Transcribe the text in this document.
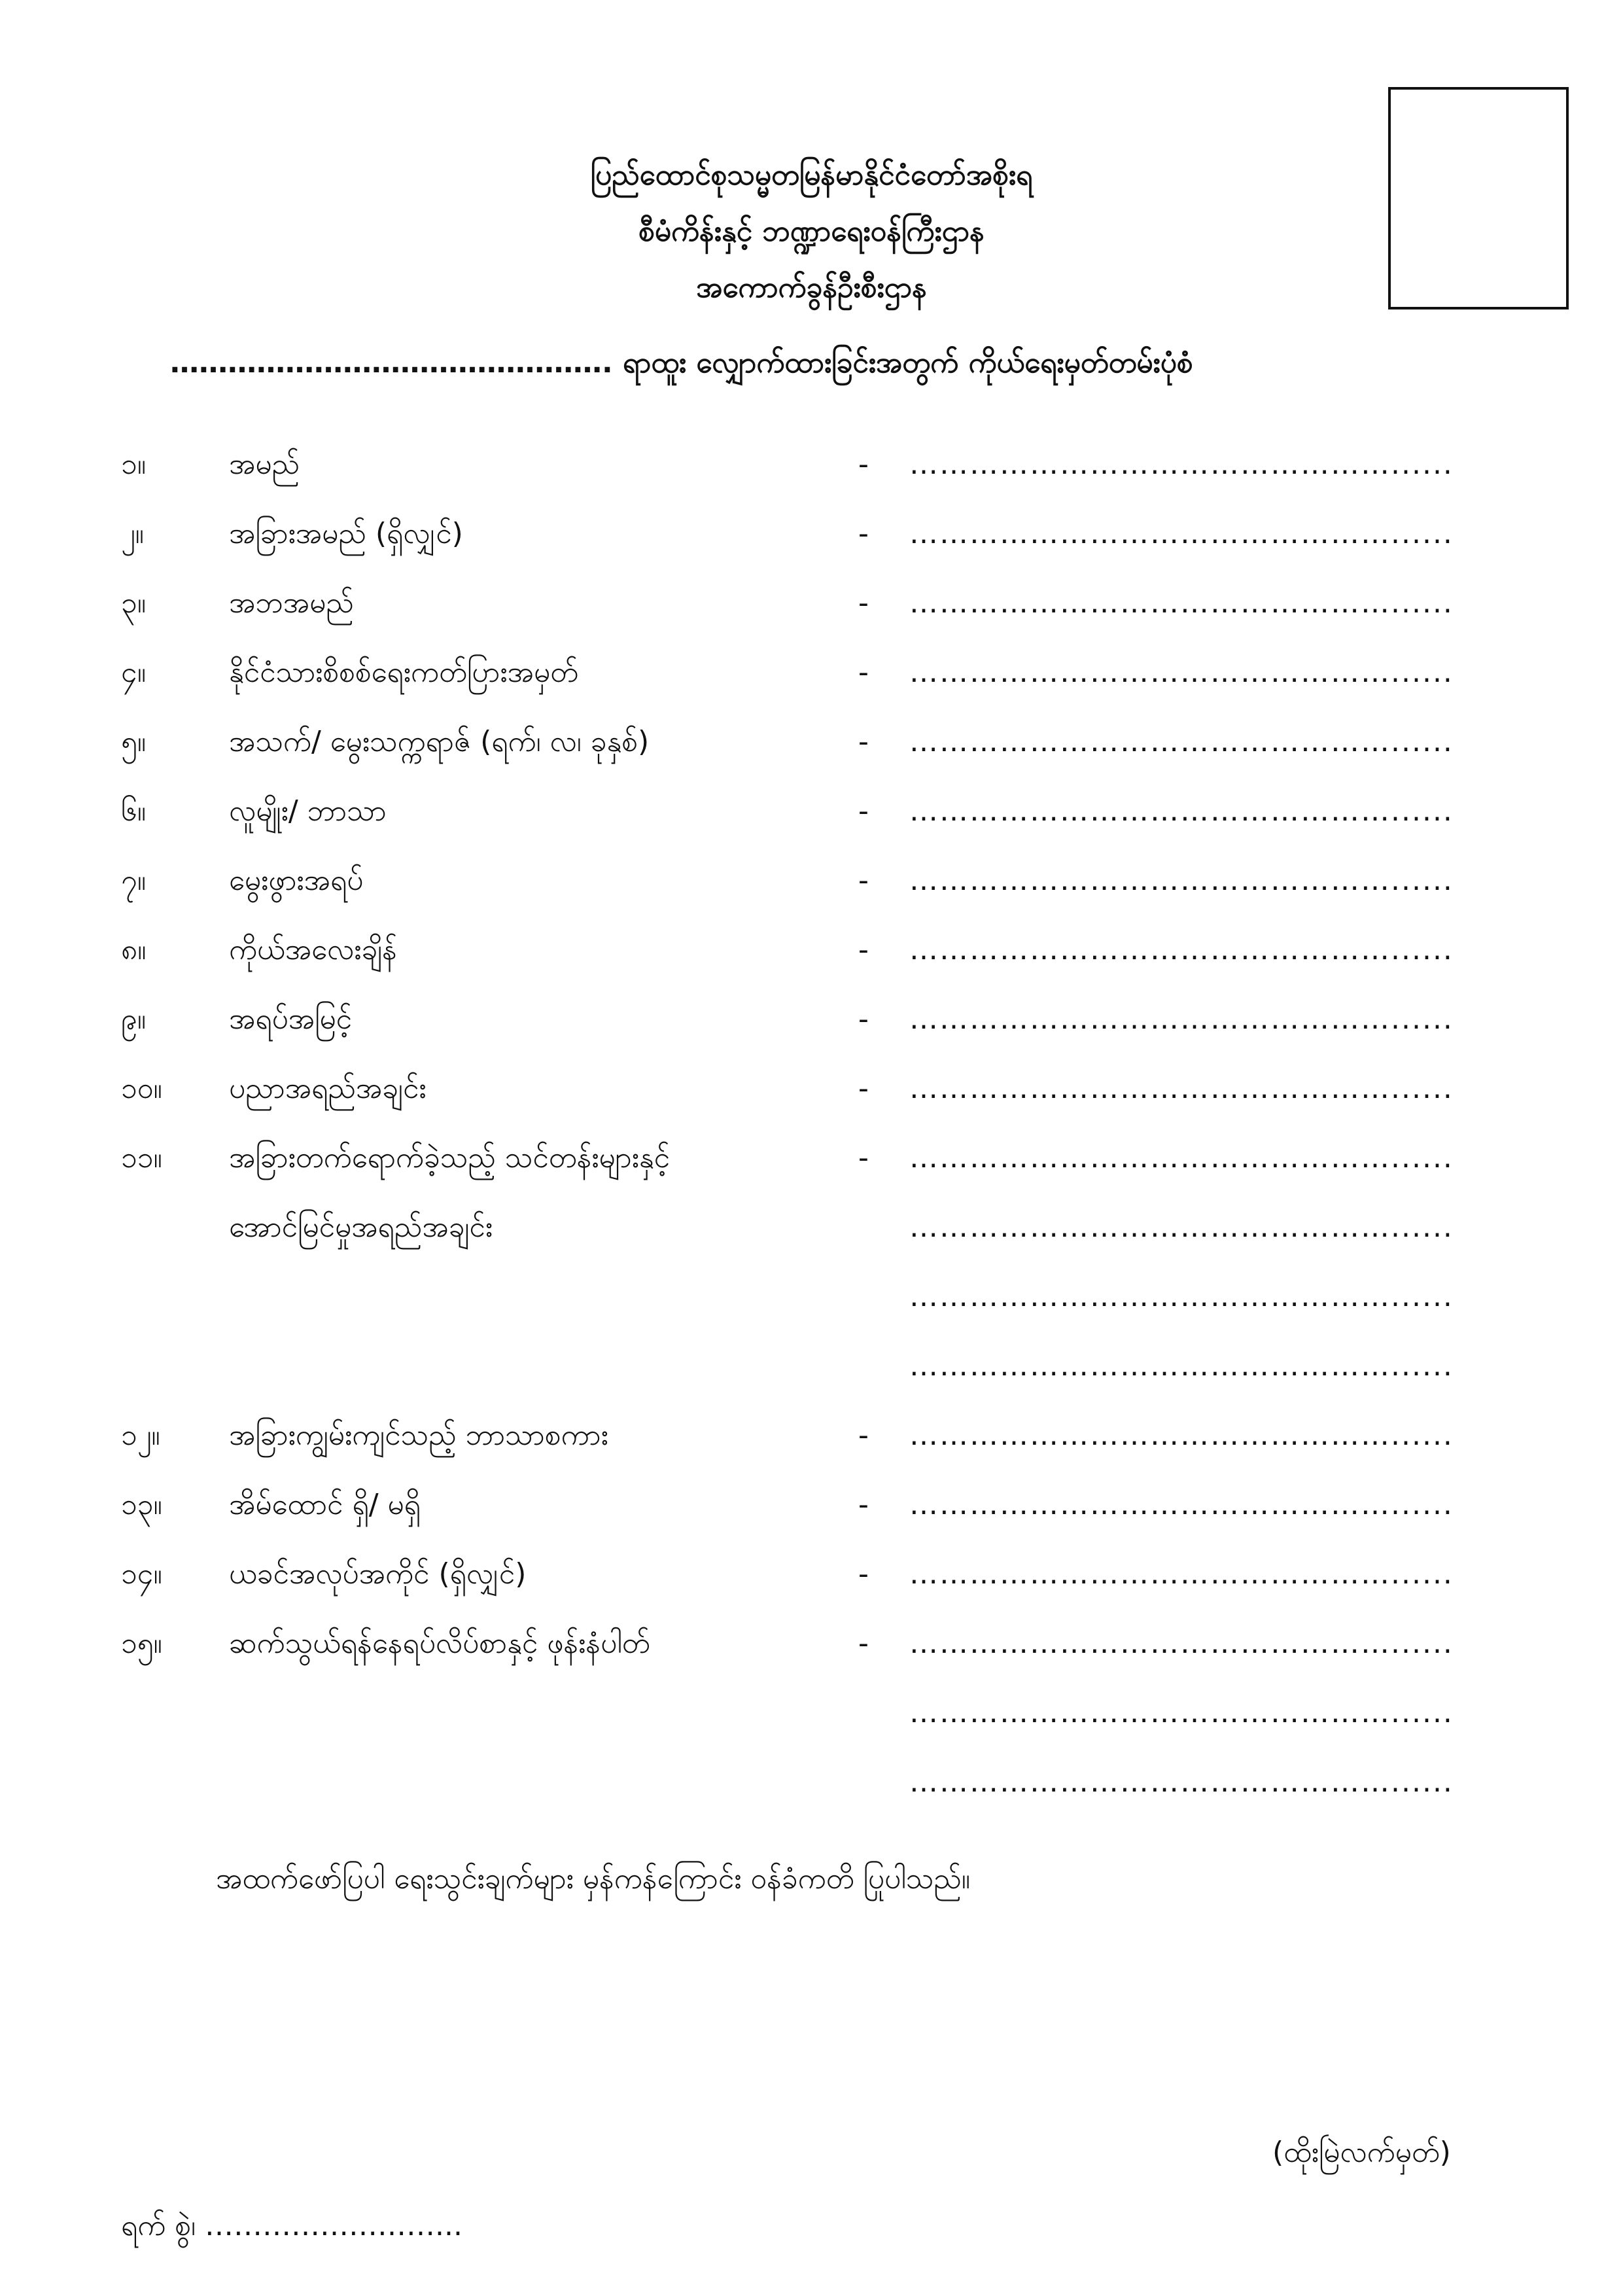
ပြည်ထောင်စုသမ္မတမြန်မာနိုင်ငံတော်အစိုးရ
စီမံကိန်းနှင့် ဘဏ္ဍာရေးဝန်ကြီးဌာန
အကောက်ခွန်ဦးစီးဌာန
………………………………………. ရာထူး လျှောက်ထားခြင်းအတွက် ကိုယ်ရေးမှတ်တမ်းပုံစံ
၁။	အမည်	- …………………………………………......
၂။	အခြားအမည် (ရှိလျှင်)	- …………………………………………......
၃။	အဘအမည်	- …………………………………………......
၄။	နိုင်ငံသားစိစစ်ရေးကတ်ပြားအမှတ်	- …………………………………………......
၅။	အသက်/ မွေးသက္ကရာဇ် (ရက်၊ လ၊ ခုနှစ်)	- …………………………………………......
၆။	လူမျိုး/ ဘာသာ	- …………………………………………......
၇။	မွေးဖွားအရပ်	- …………………………………………......
၈။	ကိုယ်အလေးချိန်	- …………………………………………......
၉။	အရပ်အမြင့်	- …………………………………………......
၁၀။ ပညာအရည်အချင်း	- …………………………………………......
၁၁။ အခြားတက်ရောက်ခဲ့သည့် သင်တန်းများနှင့်	- …………………………………………......
အောင်မြင်မှုအရည်အချင်း	…………………………………………......
…………………………………………......
…………………………………………......
၁၂။ အခြားကျွမ်းကျင်သည့် ဘာသာစကား	- …………………………………………......
၁၃။ အိမ်ထောင် ရှိ/ မရှိ	- …………………………………………......
၁၄။ ယခင်အလုပ်အကိုင် (ရှိလျှင်)	- …………………………………………......
၁၅။ ဆက်သွယ်ရန်နေရပ်လိပ်စာနှင့် ဖုန်းနံပါတ်	- …………………………………………......
…………………………………………......
…………………………………………......
အထက်ဖော်ပြပါ ရေးသွင်းချက်များ မှန်ကန်ကြောင်း ဝန်ခံကတိ ပြုပါသည်။
(ထိုးမြဲလက်မှတ်)
ရက် စွဲ၊ ……………………...
